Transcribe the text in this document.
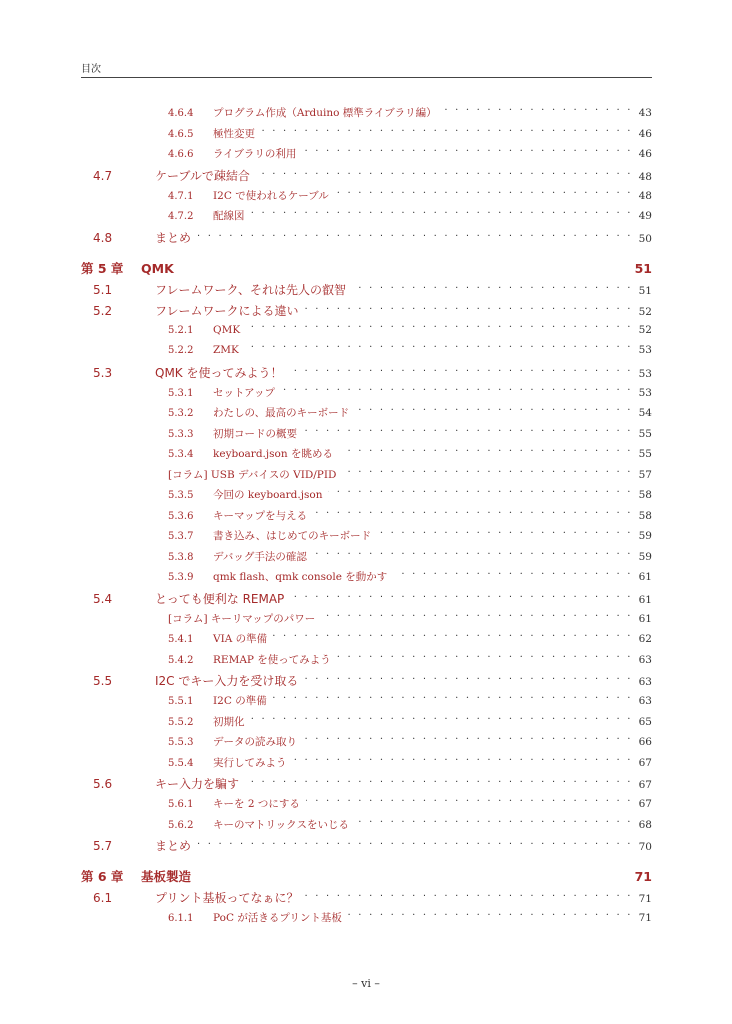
目次
4.6.4	プログラム作成（Arduino 標準ライブラリ編） . . .	43
4.6.5	極性変更 . . .	46
4.6.6	ライブラリの利用 . . .	46
4.7	ケーブルで疎結合 . . .	48
4.7.1	I2C で使われるケーブル . . .	48
4.7.2	配線図 . . .	49
4.8	まとめ . . .	50
第 5 章	QMK	51
5.1	フレームワーク、それは先人の叡智 . . .	51
5.2	フレームワークによる違い . . .	52
5.2.1	QMK . . .	52
5.2.2	ZMK . . .	53
5.3	QMK を使ってみよう！ . . .	53
5.3.1	セットアップ . . .	53
5.3.2	わたしの、最高のキーボード . . .	54
5.3.3	初期コードの概要 . . .	55
5.3.4	keyboard.json を眺める . . .	55
[コラム] USB デバイスの VID/PID . . .	57
5.3.5	今回の keyboard.json . . .	58
5.3.6	キーマップを与える . . .	58
5.3.7	書き込み、はじめてのキーボード . . .	59
5.3.8	デバッグ手法の確認 . . .	59
5.3.9	qmk flash、qmk console を動かす . . .	61
5.4	とっても便利な REMAP . . .	61
[コラム] キーリマップのパワー . . .	61
5.4.1	VIA の準備 . . .	62
5.4.2	REMAP を使ってみよう . . .	63
5.5	I2C でキー入力を受け取る . . .	63
5.5.1	I2C の準備 . . .	63
5.5.2	初期化 . . .	65
5.5.3	データの読み取り . . .	66
5.5.4	実行してみよう . . .	67
5.6	キー入力を騙す . . .	67
5.6.1	キーを 2 つにする . . .	67
5.6.2	キーのマトリックスをいじる . . .	68
5.7	まとめ . . .	70
第 6 章	基板製造	71
6.1	プリント基板ってなぁに？ . . .	71
6.1.1	PoC が活きるプリント基板 . . .	71
– vi –
